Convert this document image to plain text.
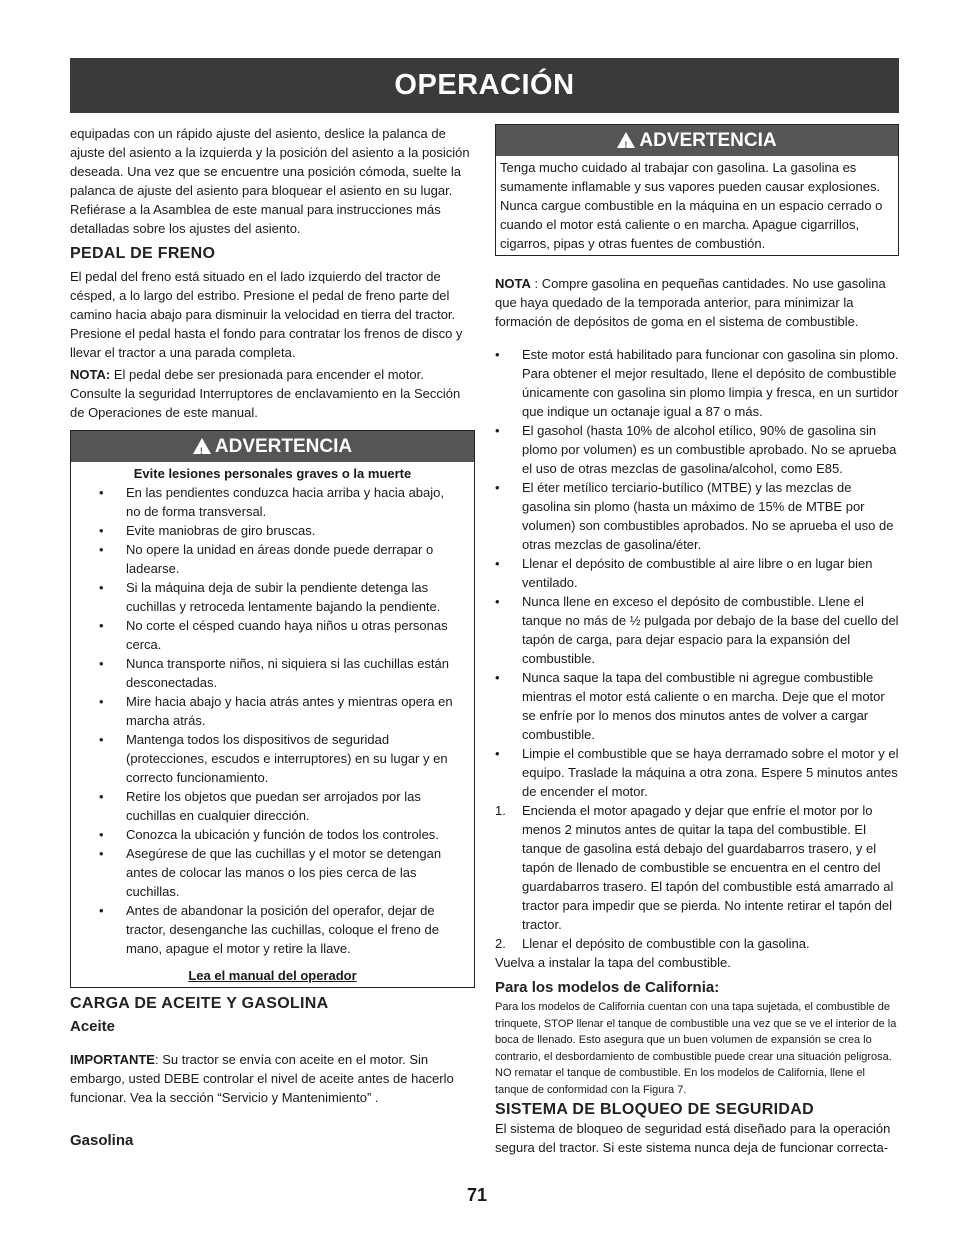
OPERACIÓN

equipadas con un rápido ajuste del asiento, deslice la palanca de ajuste del asiento a la izquierda y la posición del asiento a la posición deseada. Una vez que se encuentre una posición cómoda, suelte la palanca de ajuste del asiento para bloquear el asiento en su lugar. Refiérase a la Asamblea de este manual para instrucciones más detalladas sobre los ajustes del asiento.

PEDAL DE FRENO

El pedal del freno está situado en el lado izquierdo del tractor de césped, a lo largo del estribo. Presione el pedal de freno parte del camino hacia abajo para disminuir la velocidad en tierra del tractor. Presione el pedal hasta el fondo para contratar los frenos de disco y llevar el tractor a una parada completa.

NOTA: El pedal debe ser presionada para encender el motor. Consulte la seguridad Interruptores de enclavamiento en la Sección de Operaciones de este manual.

! ADVERTENCIA
Evite lesiones personales graves o la muerte
• En las pendientes conduzca hacia arriba y hacia abajo, no de forma transversal.
• Evite maniobras de giro bruscas.
• No opere la unidad en áreas donde puede derrapar o ladearse.
• Si la máquina deja de subir la pendiente detenga las cuchillas y retroceda lentamente bajando la pendiente.
• No corte el césped cuando haya niños u otras personas cerca.
• Nunca transporte niños, ni siquiera si las cuchillas están desconectadas.
• Mire hacia abajo y hacia atrás antes y mientras opera en marcha atrás.
• Mantenga todos los dispositivos de seguridad (protecciones, escudos e interruptores) en su lugar y en correcto funcionamiento.
• Retire los objetos que puedan ser arrojados por las cuchillas en cualquier dirección.
• Conozca la ubicación y función de todos los controles.
• Asegúrese de que las cuchillas y el motor se detengan antes de colocar las manos o los pies cerca de las cuchillas.
• Antes de abandonar la posición del operafor, dejar de tractor, desenganche las cuchillas, coloque el freno de mano, apague el motor y retire la llave.
Lea el manual del operador
CARGA DE ACEITE Y GASOLINA
Aceite

IMPORTANTE: Su tractor se envía con aceite en el motor. Sin embargo, usted DEBE controlar el nivel de aceite antes de hacerlo funcionar. Vea la sección “Servicio y Mantenimiento” .

Gasolina
! ADVERTENCIA

Tenga mucho cuidado al trabajar con gasolina. La gasolina es sumamente inflamable y sus vapores pueden causar explosiones. Nunca cargue combustible en la máquina en un espacio cerrado o cuando el motor está caliente o en marcha. Apague cigarrillos, cigarros, pipas y otras fuentes de combustión.

NOTA : Compre gasolina en pequeñas cantidades. No use gasolina que haya quedado de la temporada anterior, para minimizar la formación de depósitos de goma en el sistema de combustible.

• Este motor está habilitado para funcionar con gasolina sin plomo. Para obtener el mejor resultado, llene el depósito de combustible únicamente con gasolina sin plomo limpia y fresca, en un surtidor que indique un octanaje igual a 87 o más.
• El gasohol (hasta 10% de alcohol etílico, 90% de gasolina sin plomo por volumen) es un combustible aprobado. No se aprueba el uso de otras mezclas de gasolina/alcohol, como E85.
• El éter metílico terciario-butílico (MTBE) y las mezclas de gasolina sin plomo (hasta un máximo de 15% de MTBE por volumen) son combustibles aprobados. No se aprueba el uso de otras mezclas de gasolina/éter.
• Llenar el depósito de combustible al aire libre o en lugar bien ventilado.
• Nunca llene en exceso el depósito de combustible. Llene el tanque no más de ½ pulgada por debajo de la base del cuello del tapón de carga, para dejar espacio para la expansión del combustible.
• Nunca saque la tapa del combustible ni agregue combustible mientras el motor está caliente o en marcha. Deje que el motor se enfríe por lo menos dos minutos antes de volver a cargar combustible.
• Limpie el combustible que se haya derramado sobre el motor y el equipo. Traslade la máquina a otra zona. Espere 5 minutos antes de encender el motor.
1. Encienda el motor apagado y dejar que enfríe el motor por lo menos 2 minutos antes de quitar la tapa del combustible. El tanque de gasolina está debajo del guardabarros trasero, y el tapón de llenado de combustible se encuentra en el centro del guardabarros trasero. El tapón del combustible está amarrado al tractor para impedir que se pierda. No intente retirar el tapón del tractor.
2. Llenar el depósito de combustible con la gasolina.

Vuelva a instalar la tapa del combustible.

Para los modelos de California:

Para los modelos de California cuentan con una tapa sujetada, el combustible de trinquete, STOP llenar el tanque de combustible una vez que se ve el interior de la boca de llenado. Esto asegura que un buen volumen de expansión se crea lo contrario, el desbordamiento de combustible puede crear una situación peligrosa. NO rematar el tanque de combustible. En los modelos de California, llene el tanque de conformidad con la Figura 7.

SISTEMA DE BLOQUEO DE SEGURIDAD

El sistema de bloqueo de seguridad está diseñado para la operación segura del tractor. Si este sistema nunca deja de funcionar correcta-

71
